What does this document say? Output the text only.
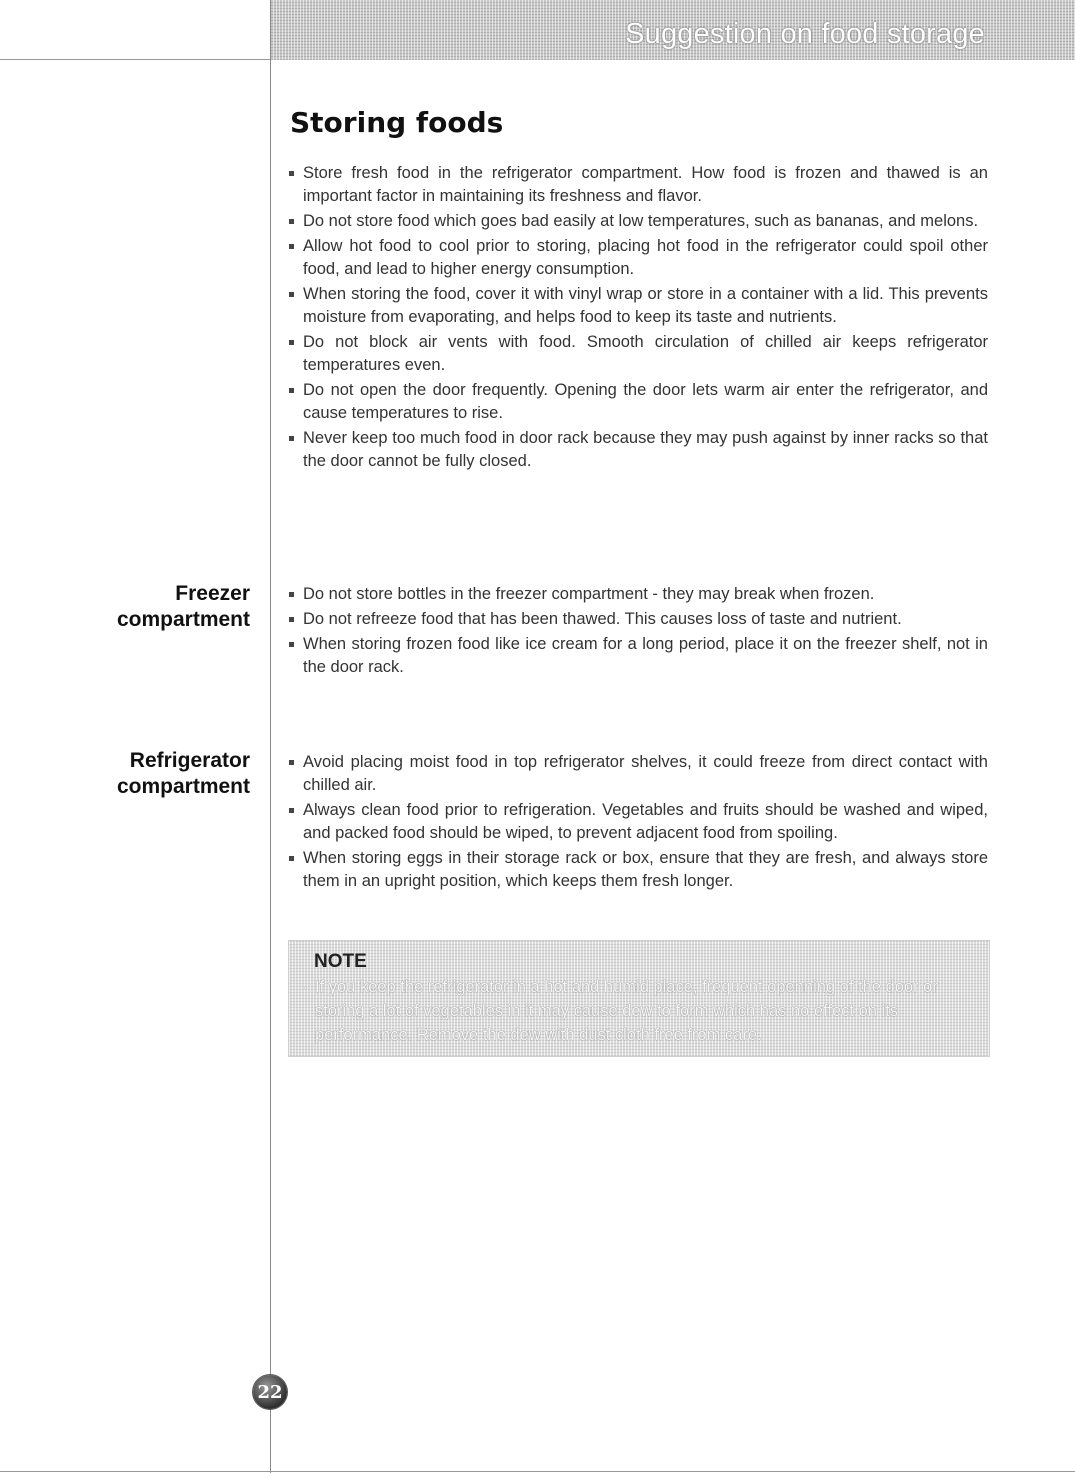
Suggestion on food storage
Storing foods
Store fresh food in the refrigerator compartment. How food is frozen and thawed is an important factor in maintaining its freshness and flavor.
Do not store food which goes bad easily at low temperatures, such as bananas, and melons.
Allow hot food to cool prior to storing, placing hot food in the refrigerator could spoil other food, and lead to higher energy consumption.
When storing the food, cover it with vinyl wrap or store in a container with a lid. This prevents moisture from evaporating, and helps food to keep its taste and nutrients.
Do not block air vents with food. Smooth circulation of chilled air keeps refrigerator temperatures even.
Do not open the door frequently. Opening the door lets warm air enter the refrigerator, and cause temperatures to rise.
Never keep too much food in door rack because they may push against by inner racks so that the door cannot be fully closed.
Freezer
compartment
Do not store bottles in the freezer compartment - they may break when frozen.
Do not refreeze food that has been thawed. This causes loss of taste and nutrient.
When storing frozen food like ice cream for a long period, place it on the freezer shelf, not in the door rack.
Refrigerator
compartment
Avoid placing moist food in top refrigerator shelves, it could freeze from direct contact with chilled air.
Always clean food prior to refrigeration. Vegetables and fruits should be washed and wiped, and packed food should be wiped, to prevent adjacent food from spoiling.
When storing eggs in their storage rack or box, ensure that they are fresh, and always store them in an upright position, which keeps them fresh longer.
NOTE
· If you keep the refrigerator in a hot and humid place, frequent openning of the door or storing a lot of vegetables in it may cause dew to form which has no effect on its performance. Remove the dew with dust cloth free from care.
22
